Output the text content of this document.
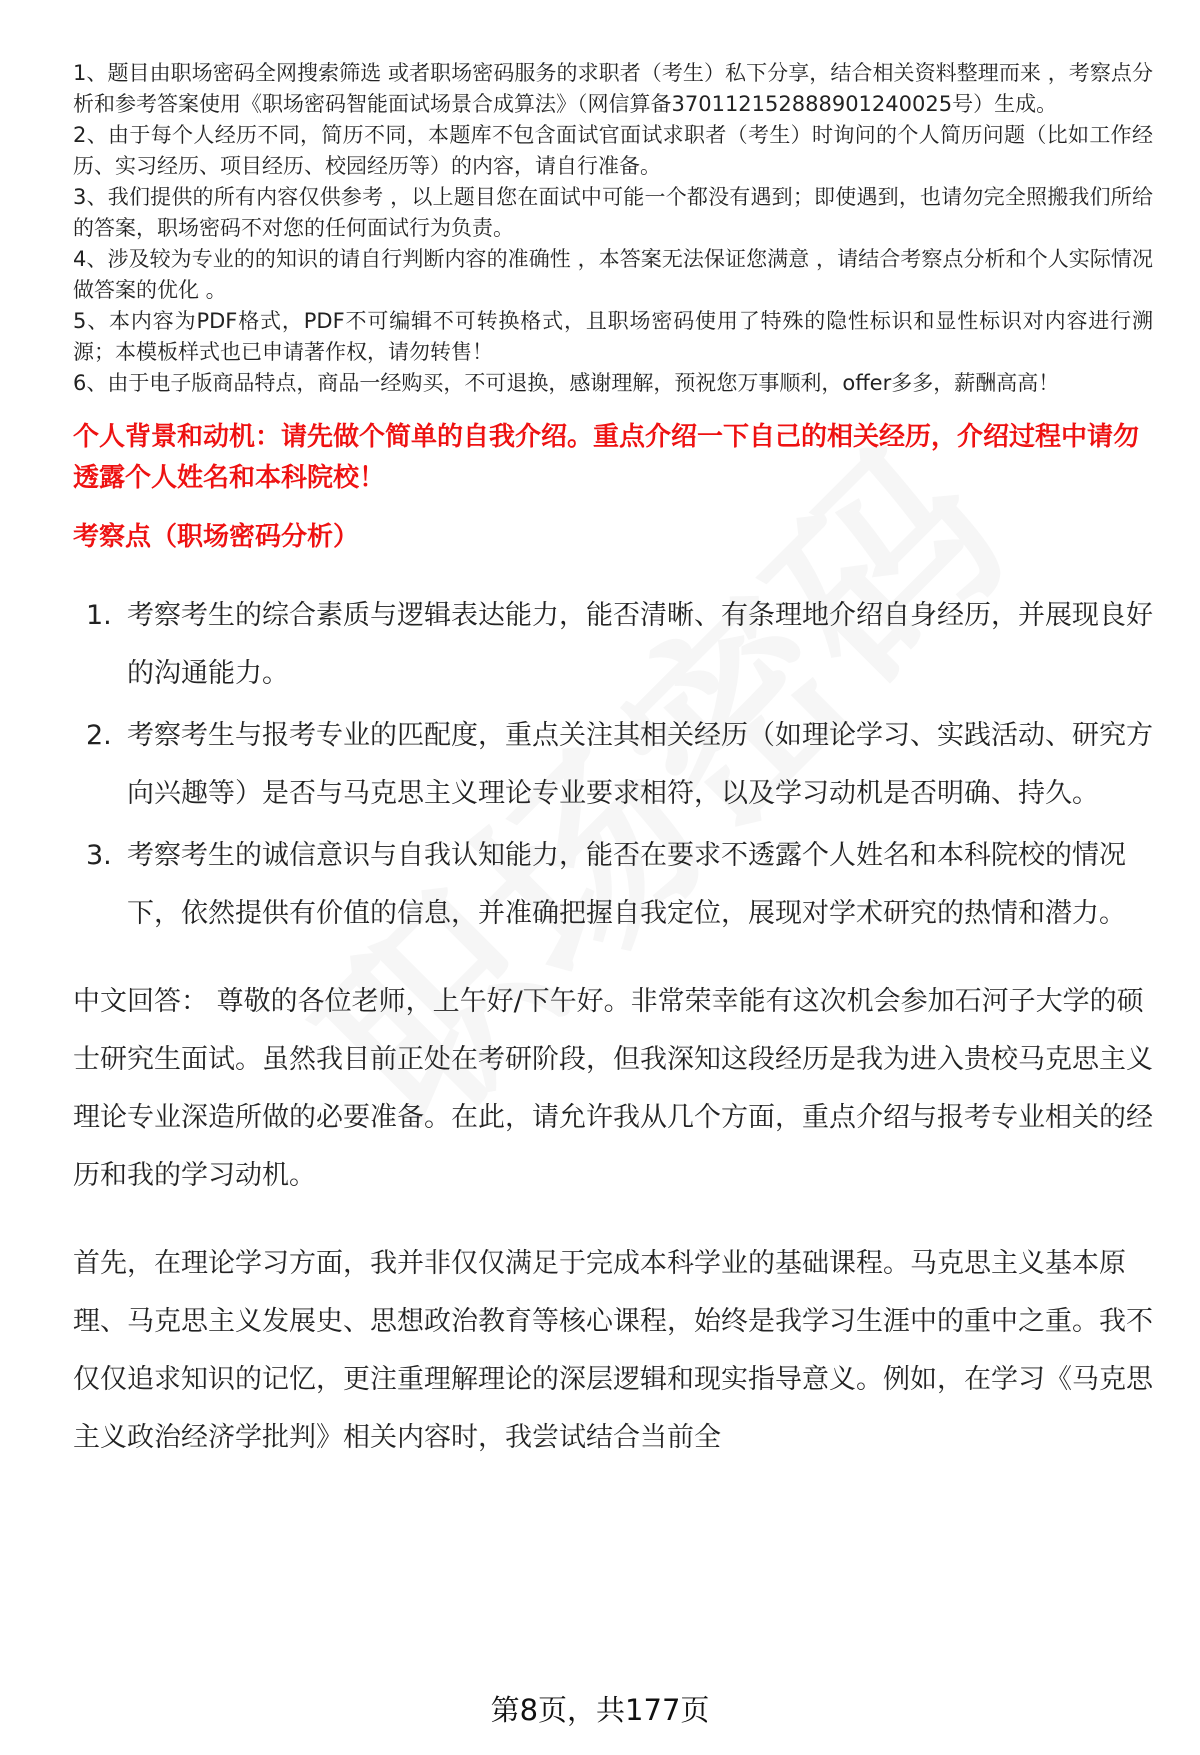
1、题目由职场密码全网搜索筛选 或者职场密码服务的求职者（考生）私下分享，结合相关资料整理而来 ，考察点分析和参考答案使用《职场密码智能面试场景合成算法》（网信算备370112152888901240025号）生成。
2、由于每个人经历不同，简历不同，本题库不包含面试官面试求职者（考生）时询问的个人简历问题（比如工作经历、实习经历、项目经历、校园经历等）的内容，请自行准备。
3、我们提供的所有内容仅供参考 ，以上题目您在面试中可能一个都没有遇到；即使遇到，也请勿完全照搬我们所给的答案，职场密码不对您的任何面试行为负责。
4、涉及较为专业的的知识的请自行判断内容的准确性 ，本答案无法保证您满意 ，请结合考察点分析和个人实际情况做答案的优化 。
5、本内容为PDF格式，PDF不可编辑不可转换格式，且职场密码使用了特殊的隐性标识和显性标识对内容进行溯源；本模板样式也已申请著作权，请勿转售！
6、由于电子版商品特点，商品一经购买，不可退换，感谢理解，预祝您万事顺利，offer多多，薪酬高高！
个人背景和动机：请先做个简单的自我介绍。重点介绍一下自己的相关经历，介绍过程中请勿透露个人姓名和本科院校！
考察点（职场密码分析）
1. 考察考生的综合素质与逻辑表达能力，能否清晰、有条理地介绍自身经历，并展现良好的沟通能力。
2. 考察考生与报考专业的匹配度，重点关注其相关经历（如理论学习、实践活动、研究方向兴趣等）是否与马克思主义理论专业要求相符，以及学习动机是否明确、持久。
3. 考察考生的诚信意识与自我认知能力，能否在要求不透露个人姓名和本科院校的情况下，依然提供有价值的信息，并准确把握自我定位，展现对学术研究的热情和潜力。

中文回答： 尊敬的各位老师，上午好/下午好。非常荣幸能有这次机会参加石河子大学的硕士研究生面试。虽然我目前正处在考研阶段，但我深知这段经历是我为进入贵校马克思主义理论专业深造所做的必要准备。在此，请允许我从几个方面，重点介绍与报考专业相关的经历和我的学习动机。

首先，在理论学习方面，我并非仅仅满足于完成本科学业的基础课程。马克思主义基本原理、马克思主义发展史、思想政治教育等核心课程，始终是我学习生涯中的重中之重。我不仅仅追求知识的记忆，更注重理解理论的深层逻辑和现实指导意义。例如，在学习《马克思主义政治经济学批判》相关内容时，我尝试结合当前全

第8页，共177页
